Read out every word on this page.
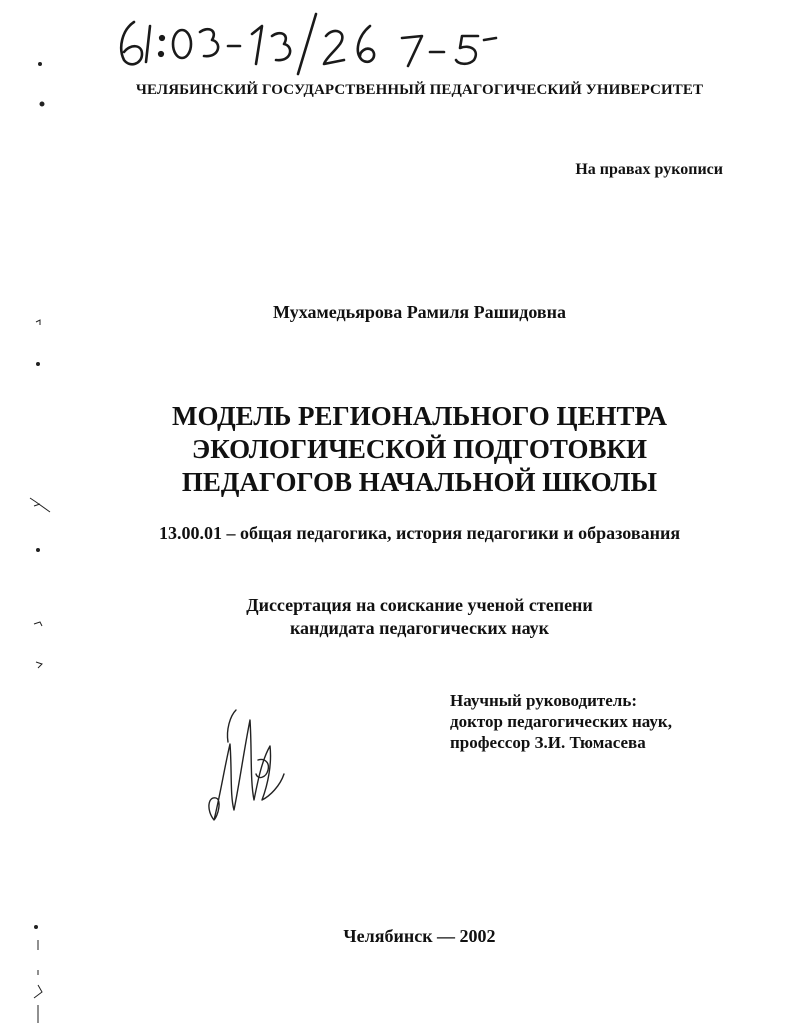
ЧЕЛЯБИНСКИЙ ГОСУДАРСТВЕННЫЙ ПЕДАГОГИЧЕСКИЙ УНИВЕРСИТЕТ
На правах рукописи
Мухамедьярова Рамиля Рашидовна
МОДЕЛЬ РЕГИОНАЛЬНОГО ЦЕНТРА
ЭКОЛОГИЧЕСКОЙ ПОДГОТОВКИ
ПЕДАГОГОВ НАЧАЛЬНОЙ ШКОЛЫ
13.00.01 – общая педагогика, история педагогики и образования
Диссертация на соискание ученой степени
кандидата педагогических наук
Научный руководитель:
доктор педагогических наук,
профессор З.И. Тюмасева
Челябинск — 2002
